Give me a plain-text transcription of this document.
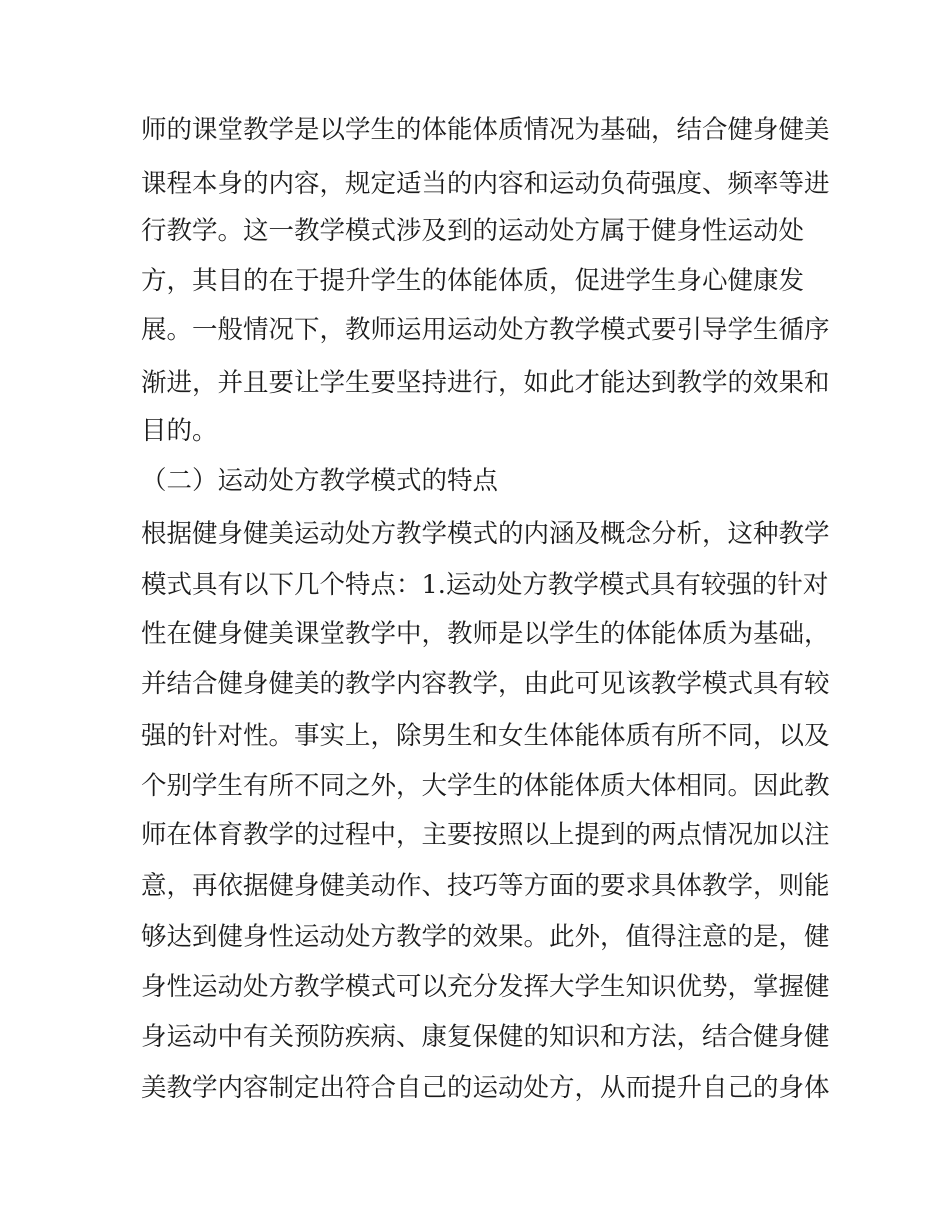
师的课堂教学是以学生的体能体质情况为基础，结合健身健美
课程本身的内容，规定适当的内容和运动负荷强度、频率等进
行教学。这一教学模式涉及到的运动处方属于健身性运动处
方，其目的在于提升学生的体能体质，促进学生身心健康发
展。一般情况下，教师运用运动处方教学模式要引导学生循序
渐进，并且要让学生要坚持进行，如此才能达到教学的效果和
目的。
（二）运动处方教学模式的特点
根据健身健美运动处方教学模式的内涵及概念分析，这种教学
模式具有以下几个特点：1.运动处方教学模式具有较强的针对
性在健身健美课堂教学中，教师是以学生的体能体质为基础，
并结合健身健美的教学内容教学，由此可见该教学模式具有较
强的针对性。事实上，除男生和女生体能体质有所不同，以及
个别学生有所不同之外，大学生的体能体质大体相同。因此教
师在体育教学的过程中，主要按照以上提到的两点情况加以注
意，再依据健身健美动作、技巧等方面的要求具体教学，则能
够达到健身性运动处方教学的效果。此外，值得注意的是，健
身性运动处方教学模式可以充分发挥大学生知识优势，掌握健
身运动中有关预防疾病、康复保健的知识和方法，结合健身健
美教学内容制定出符合自己的运动处方，从而提升自己的身体
